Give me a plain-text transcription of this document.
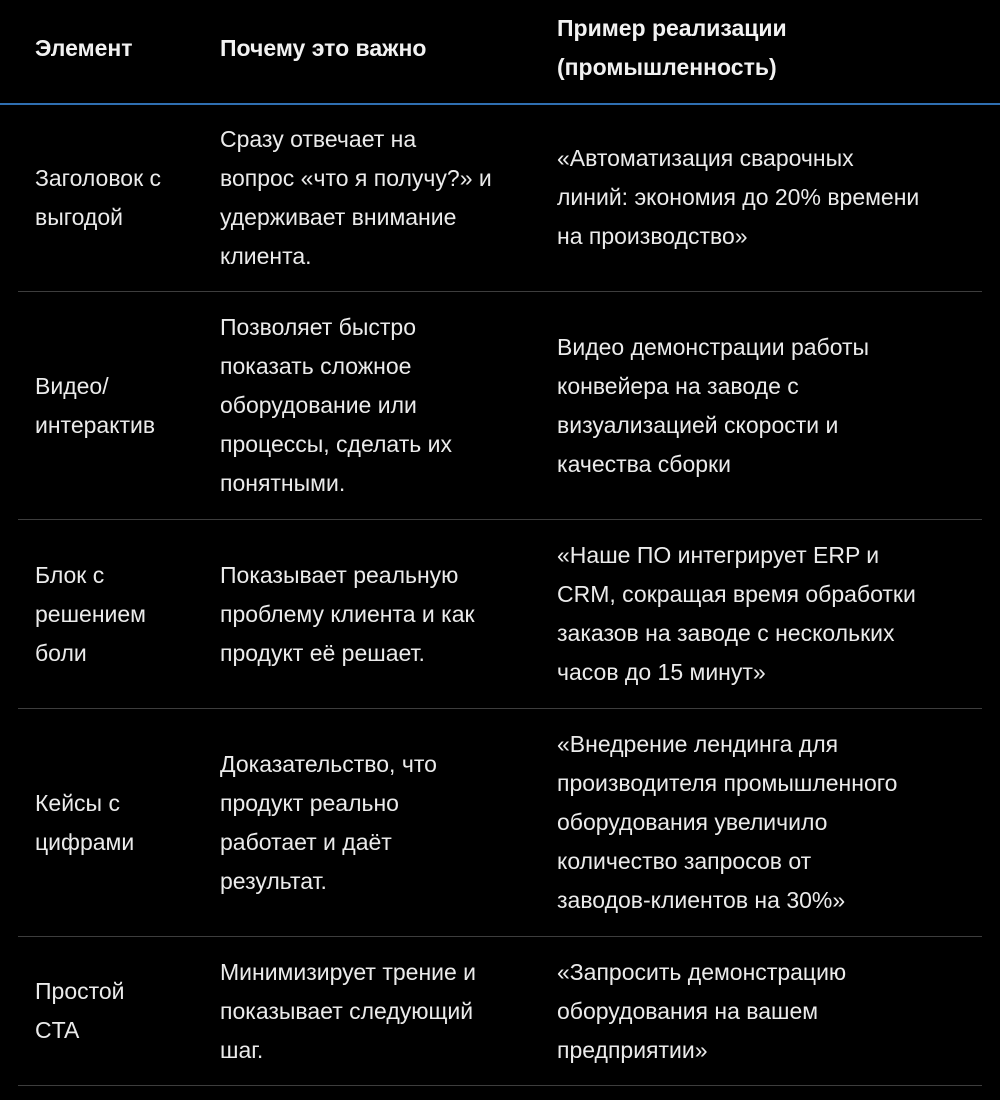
Элемент	Почему это важно
Пример реализации
(промышленность)
Заголовок с
выгодой
Сразу отвечает на
вопрос «что я получу?» и
удерживает внимание
клиента.
«Автоматизация сварочных
линий: экономия до 20% времени
на производство»
Видео/
интерактив
Позволяет быстро
показать сложное
оборудование или
процессы, сделать их
понятными.
Видео демонстрации работы
конвейера на заводе с
визуализацией скорости и
качества сборки
Блок с
решением
боли
Показывает реальную
проблему клиента и как
продукт её решает.
«Наше ПО интегрирует ERP и
CRM, сокращая время обработки
заказов на заводе с нескольких
часов до 15 минут»
Кейсы с
цифрами
Доказательство, что
продукт реально
работает и даёт
результат.
«Внедрение лендинга для
производителя промышленного
оборудования увеличило
количество запросов от
заводов-клиентов на 30%»
Простой
CTA
Минимизирует трение и
показывает следующий
шаг.
«Запросить демонстрацию
оборудования на вашем
предприятии»
